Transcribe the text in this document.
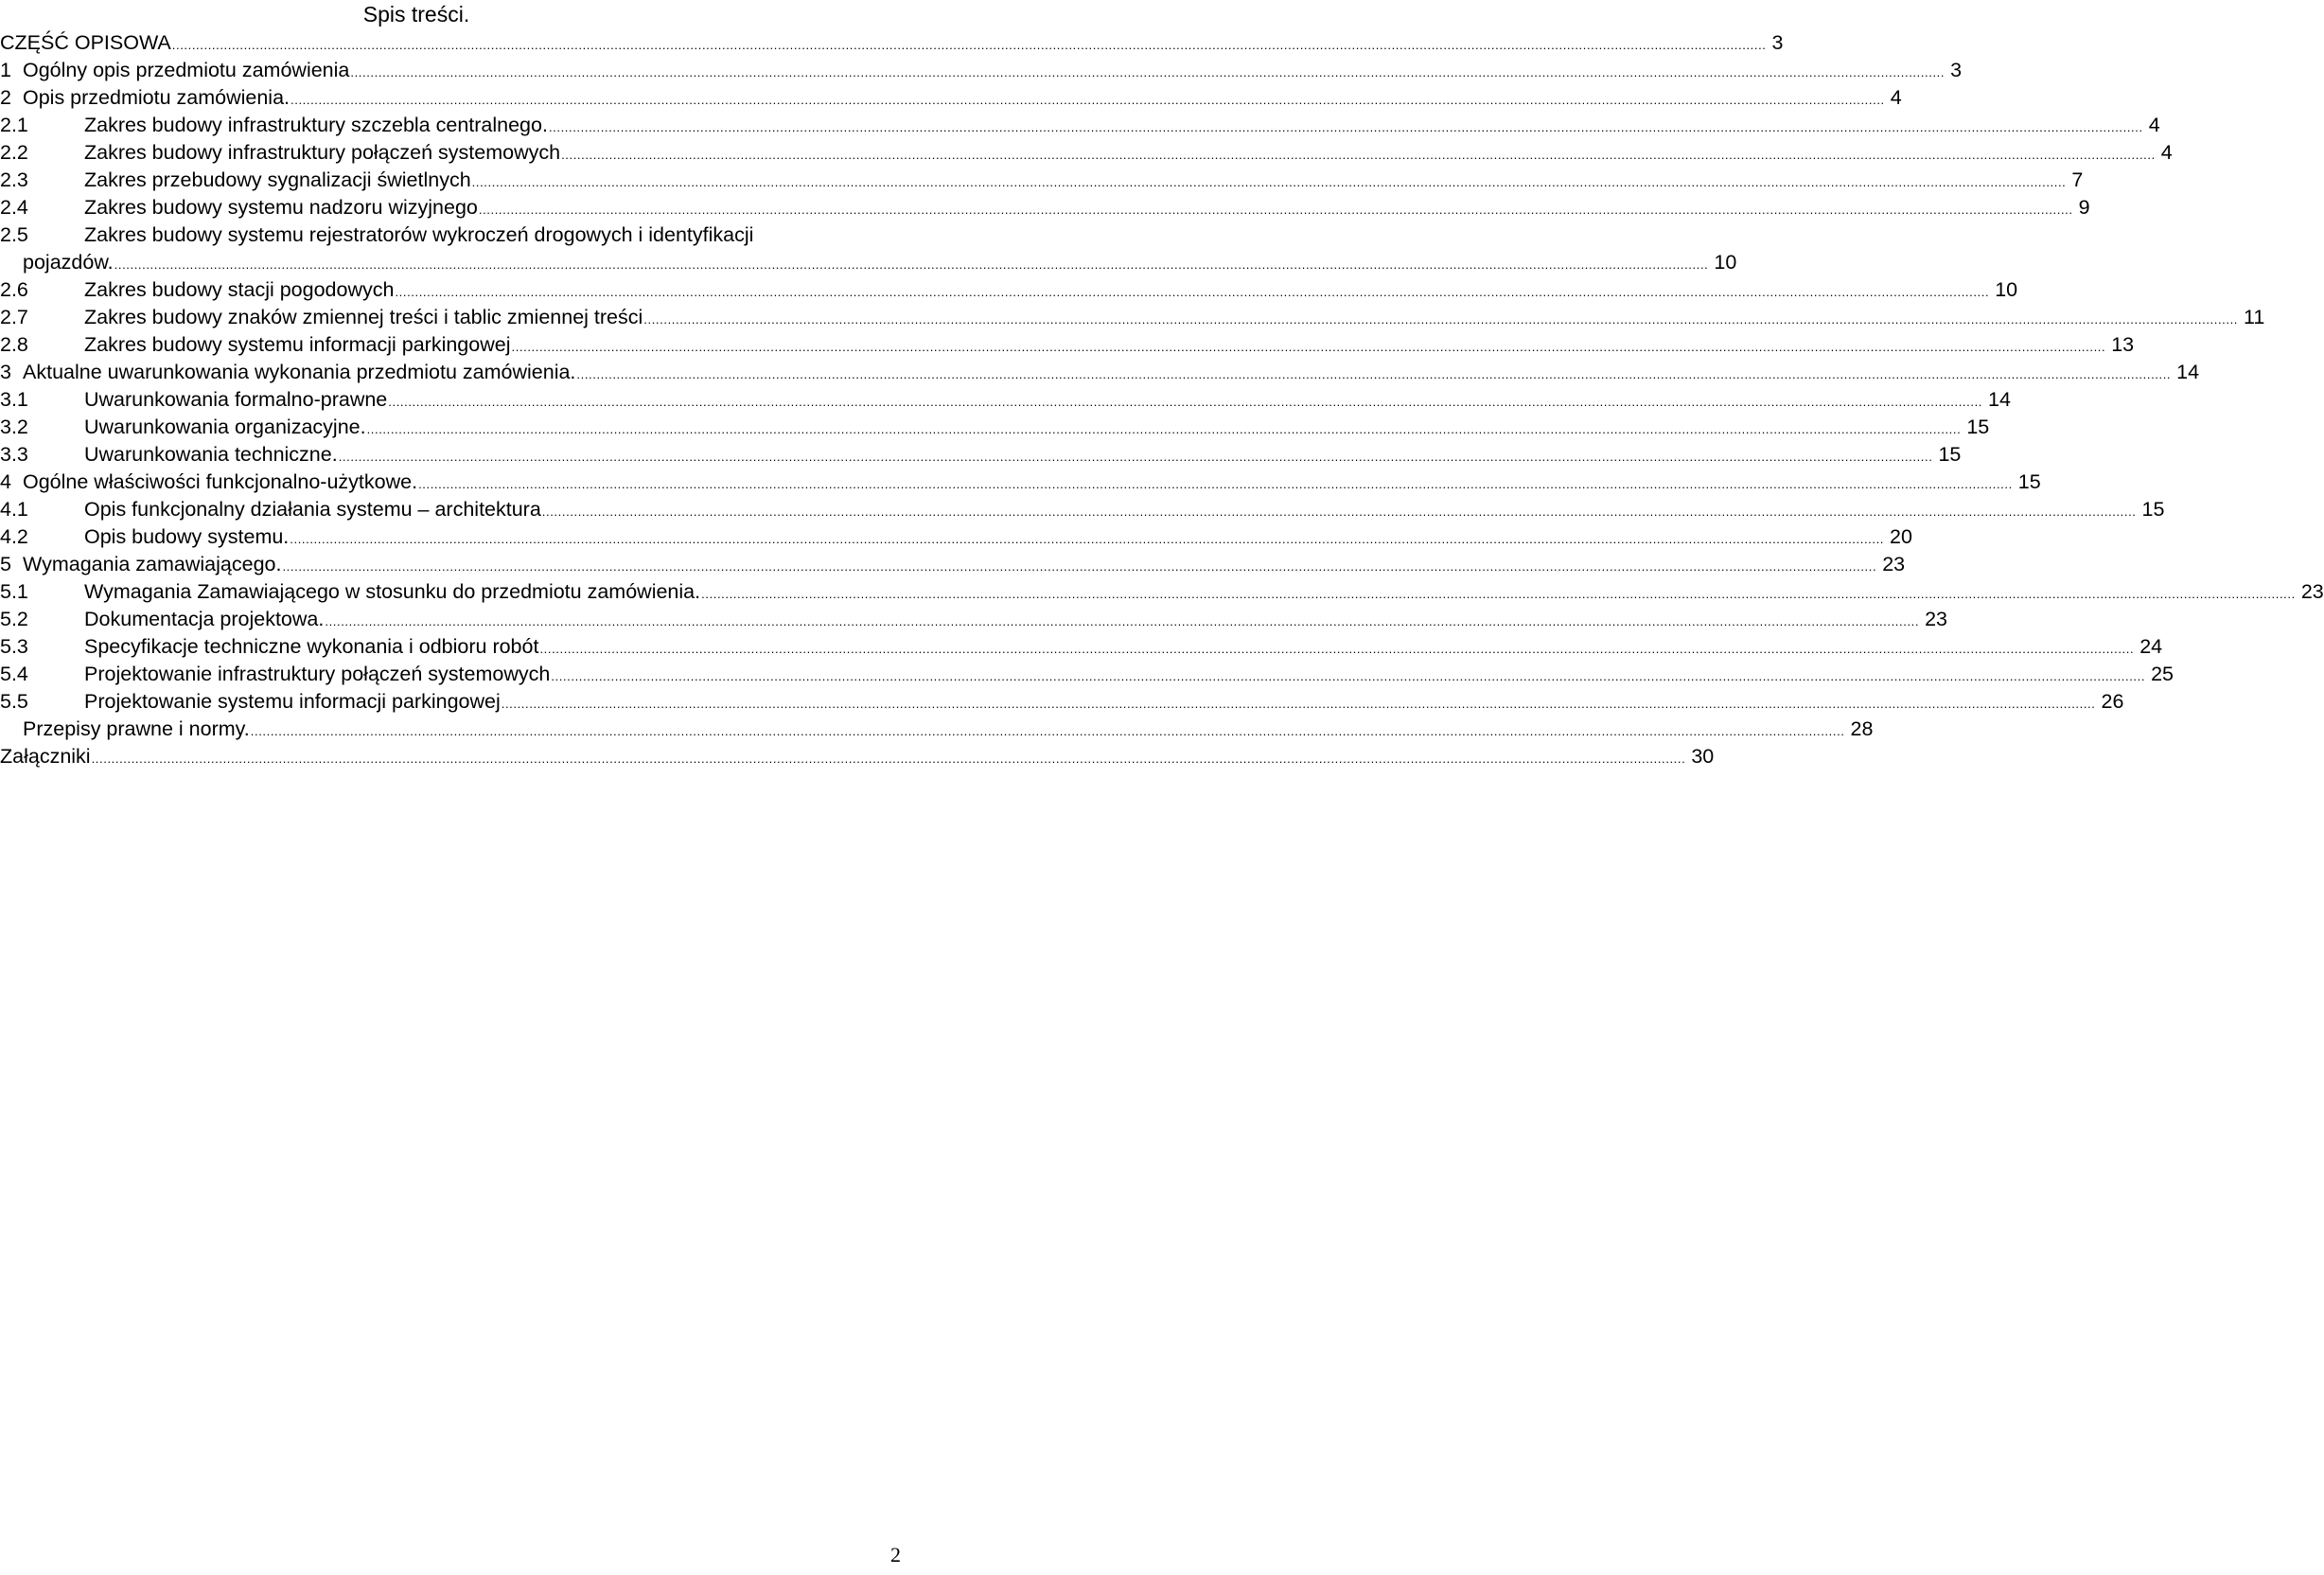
Spis treści.
CZĘŚĆ OPISOWA ................................................................................................................................................................................................................................................................................................................................................................................................................ 3
1 Ogólny opis przedmiotu zamówienia ................................................................................................................................................................................................................................................................................................................................................................................................................ 3
2 Opis przedmiotu zamówienia. ................................................................................................................................................................................................................................................................................................................................................................................................................ 4
2.1	Zakres budowy infrastruktury szczebla centralnego. ................................................................................................................................................................................................................................................................................................................................................................................................................ 4
2.2	Zakres budowy infrastruktury połączeń systemowych ................................................................................................................................................................................................................................................................................................................................................................................................................ 4
2.3	Zakres przebudowy sygnalizacji świetlnych ................................................................................................................................................................................................................................................................................................................................................................................................................ 7
2.4	Zakres budowy systemu nadzoru wizyjnego ................................................................................................................................................................................................................................................................................................................................................................................................................ 9
2.5	Zakres budowy systemu rejestratorów wykroczeń drogowych i identyfikacji
pojazdów. ................................................................................................................................................................................................................................................................................................................................................................................................................ 10
2.6	Zakres budowy stacji pogodowych ................................................................................................................................................................................................................................................................................................................................................................................................................ 10
2.7	Zakres budowy znaków zmiennej treści i tablic zmiennej treści ................................................................................................................................................................................................................................................................................................................................................................................................................ 11
2.8	Zakres budowy systemu informacji parkingowej ................................................................................................................................................................................................................................................................................................................................................................................................................ 13
3 Aktualne uwarunkowania wykonania przedmiotu zamówienia. ................................................................................................................................................................................................................................................................................................................................................................................................................ 14
3.1	Uwarunkowania formalno-prawne ................................................................................................................................................................................................................................................................................................................................................................................................................ 14
3.2	Uwarunkowania organizacyjne. ................................................................................................................................................................................................................................................................................................................................................................................................................ 15
3.3	Uwarunkowania techniczne. ................................................................................................................................................................................................................................................................................................................................................................................................................ 15
4 Ogólne właściwości funkcjonalno-użytkowe. ................................................................................................................................................................................................................................................................................................................................................................................................................ 15
4.1	Opis funkcjonalny działania systemu – architektura ................................................................................................................................................................................................................................................................................................................................................................................................................ 15
4.2	Opis budowy systemu. ................................................................................................................................................................................................................................................................................................................................................................................................................ 20
5 Wymagania zamawiającego. ................................................................................................................................................................................................................................................................................................................................................................................................................ 23
5.1	Wymagania Zamawiającego w stosunku do przedmiotu zamówienia. ................................................................................................................................................................................................................................................................................................................................................................................................................ 23
5.2	Dokumentacja projektowa. ................................................................................................................................................................................................................................................................................................................................................................................................................ 23
5.3	Specyfikacje techniczne wykonania i odbioru robót ................................................................................................................................................................................................................................................................................................................................................................................................................ 24
5.4	Projektowanie infrastruktury połączeń systemowych ................................................................................................................................................................................................................................................................................................................................................................................................................ 25
5.5	Projektowanie systemu informacji parkingowej ................................................................................................................................................................................................................................................................................................................................................................................................................ 26
Przepisy prawne i normy. ................................................................................................................................................................................................................................................................................................................................................................................................................ 28
Załączniki ................................................................................................................................................................................................................................................................................................................................................................................................................ 30
2
